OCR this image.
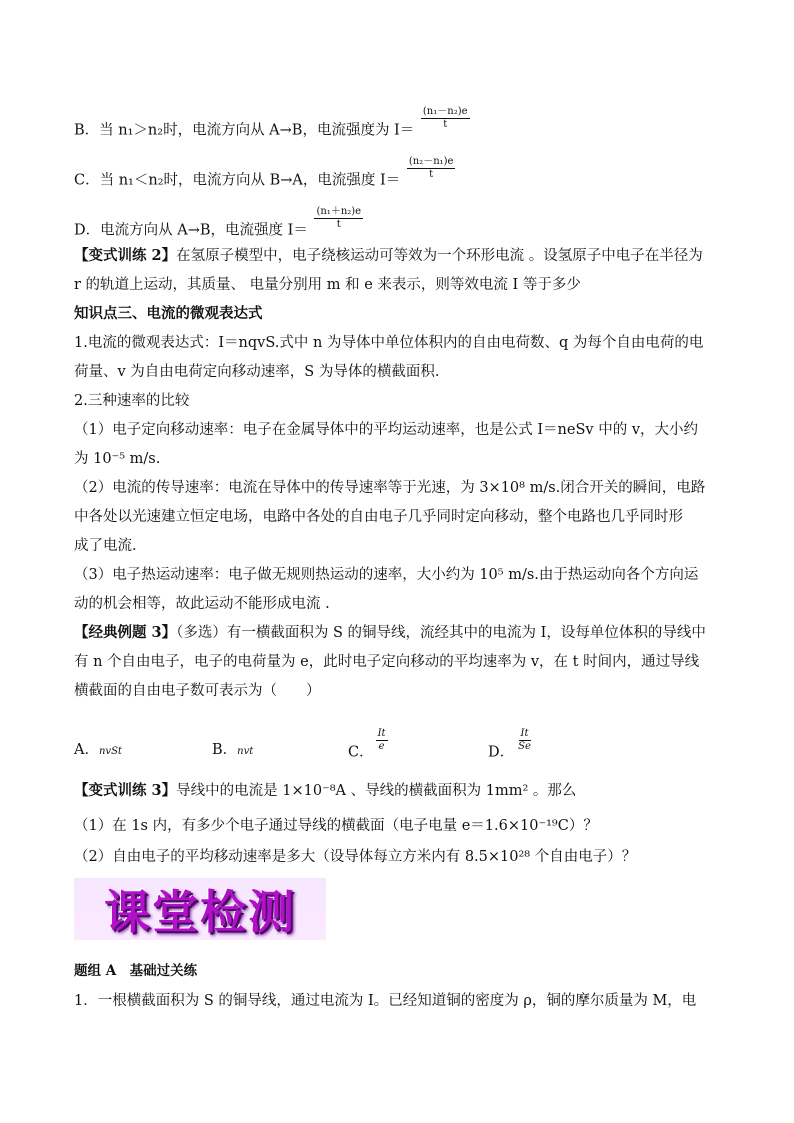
B．当 n₁＞n₂时，电流方向从 A→B，电流强度为 $I= \frac{\text{(n₁－n₂)e}}{t}$
C．当 n₁＜n₂时，电流方向从 B→A，电流强度 $I= \frac{\text{(n₂－n₁)e}}{t}$
D．电流方向从 A→B，电流强度 $I= \frac{\text{(n₁＋n₂)e}}{t}$
【变式训练 2】在氢原子模型中，电子绕核运动可等效为一个环形电流 。设氢原子中电子在半径为
r 的轨道上运动，其质量、 电量分别用 m 和 e 来表示，则等效电流 I 等于多少
知识点三、电流的微观表达式
1.电流的微观表达式：I＝nqvS.式中 n 为导体中单位体积内的自由电荷数、q 为每个自由电荷的电
荷量、v 为自由电荷定向移动速率，S 为导体的横截面积.
2.三种速率的比较
（1）电子定向移动速率：电子在金属导体中的平均运动速率，也是公式 I＝neSv 中的 v，大小约
为 10⁻⁵ m/s.
（2）电流的传导速率：电流在导体中的传导速率等于光速，为 3×10⁸ m/s.闭合开关的瞬间，电路
中各处以光速建立恒定电场，电路中各处的自由电子几乎同时定向移动，整个电路也几乎同时形
成了电流.
（3）电子热运动速率：电子做无规则热运动的速率，大小约为 10⁵ m/s.由于热运动向各个方向运
动的机会相等，故此运动不能形成电流 .
【经典例题 3】（多选）有一横截面积为 S 的铜导线，流经其中的电流为 I，设每单位体积的导线中
有 n 个自由电子，电子的电荷量为 e，此时电子定向移动的平均速率为 v，在 t 时间内，通过导线
横截面的自由电子数可表示为（　　）
A．nvSt	B．nvt	C． $\frac{It}{e}$	D． $\frac{It}{Se}$
【变式训练 3】导线中的电流是 1×10⁻⁸A 、导线的横截面积为 1mm² 。那么
（1）在 1s 内，有多少个电子通过导线的横截面（电子电量 e＝1.6×10⁻¹⁹C）？
（2）自由电子的平均移动速率是多大（设导体每立方米内有 8.5×10²⁸ 个自由电子）？
课堂检测
题组 A　基础过关练
1．一根横截面积为 S 的铜导线，通过电流为 I。已经知道铜的密度为 ρ，铜的摩尔质量为 M，电
